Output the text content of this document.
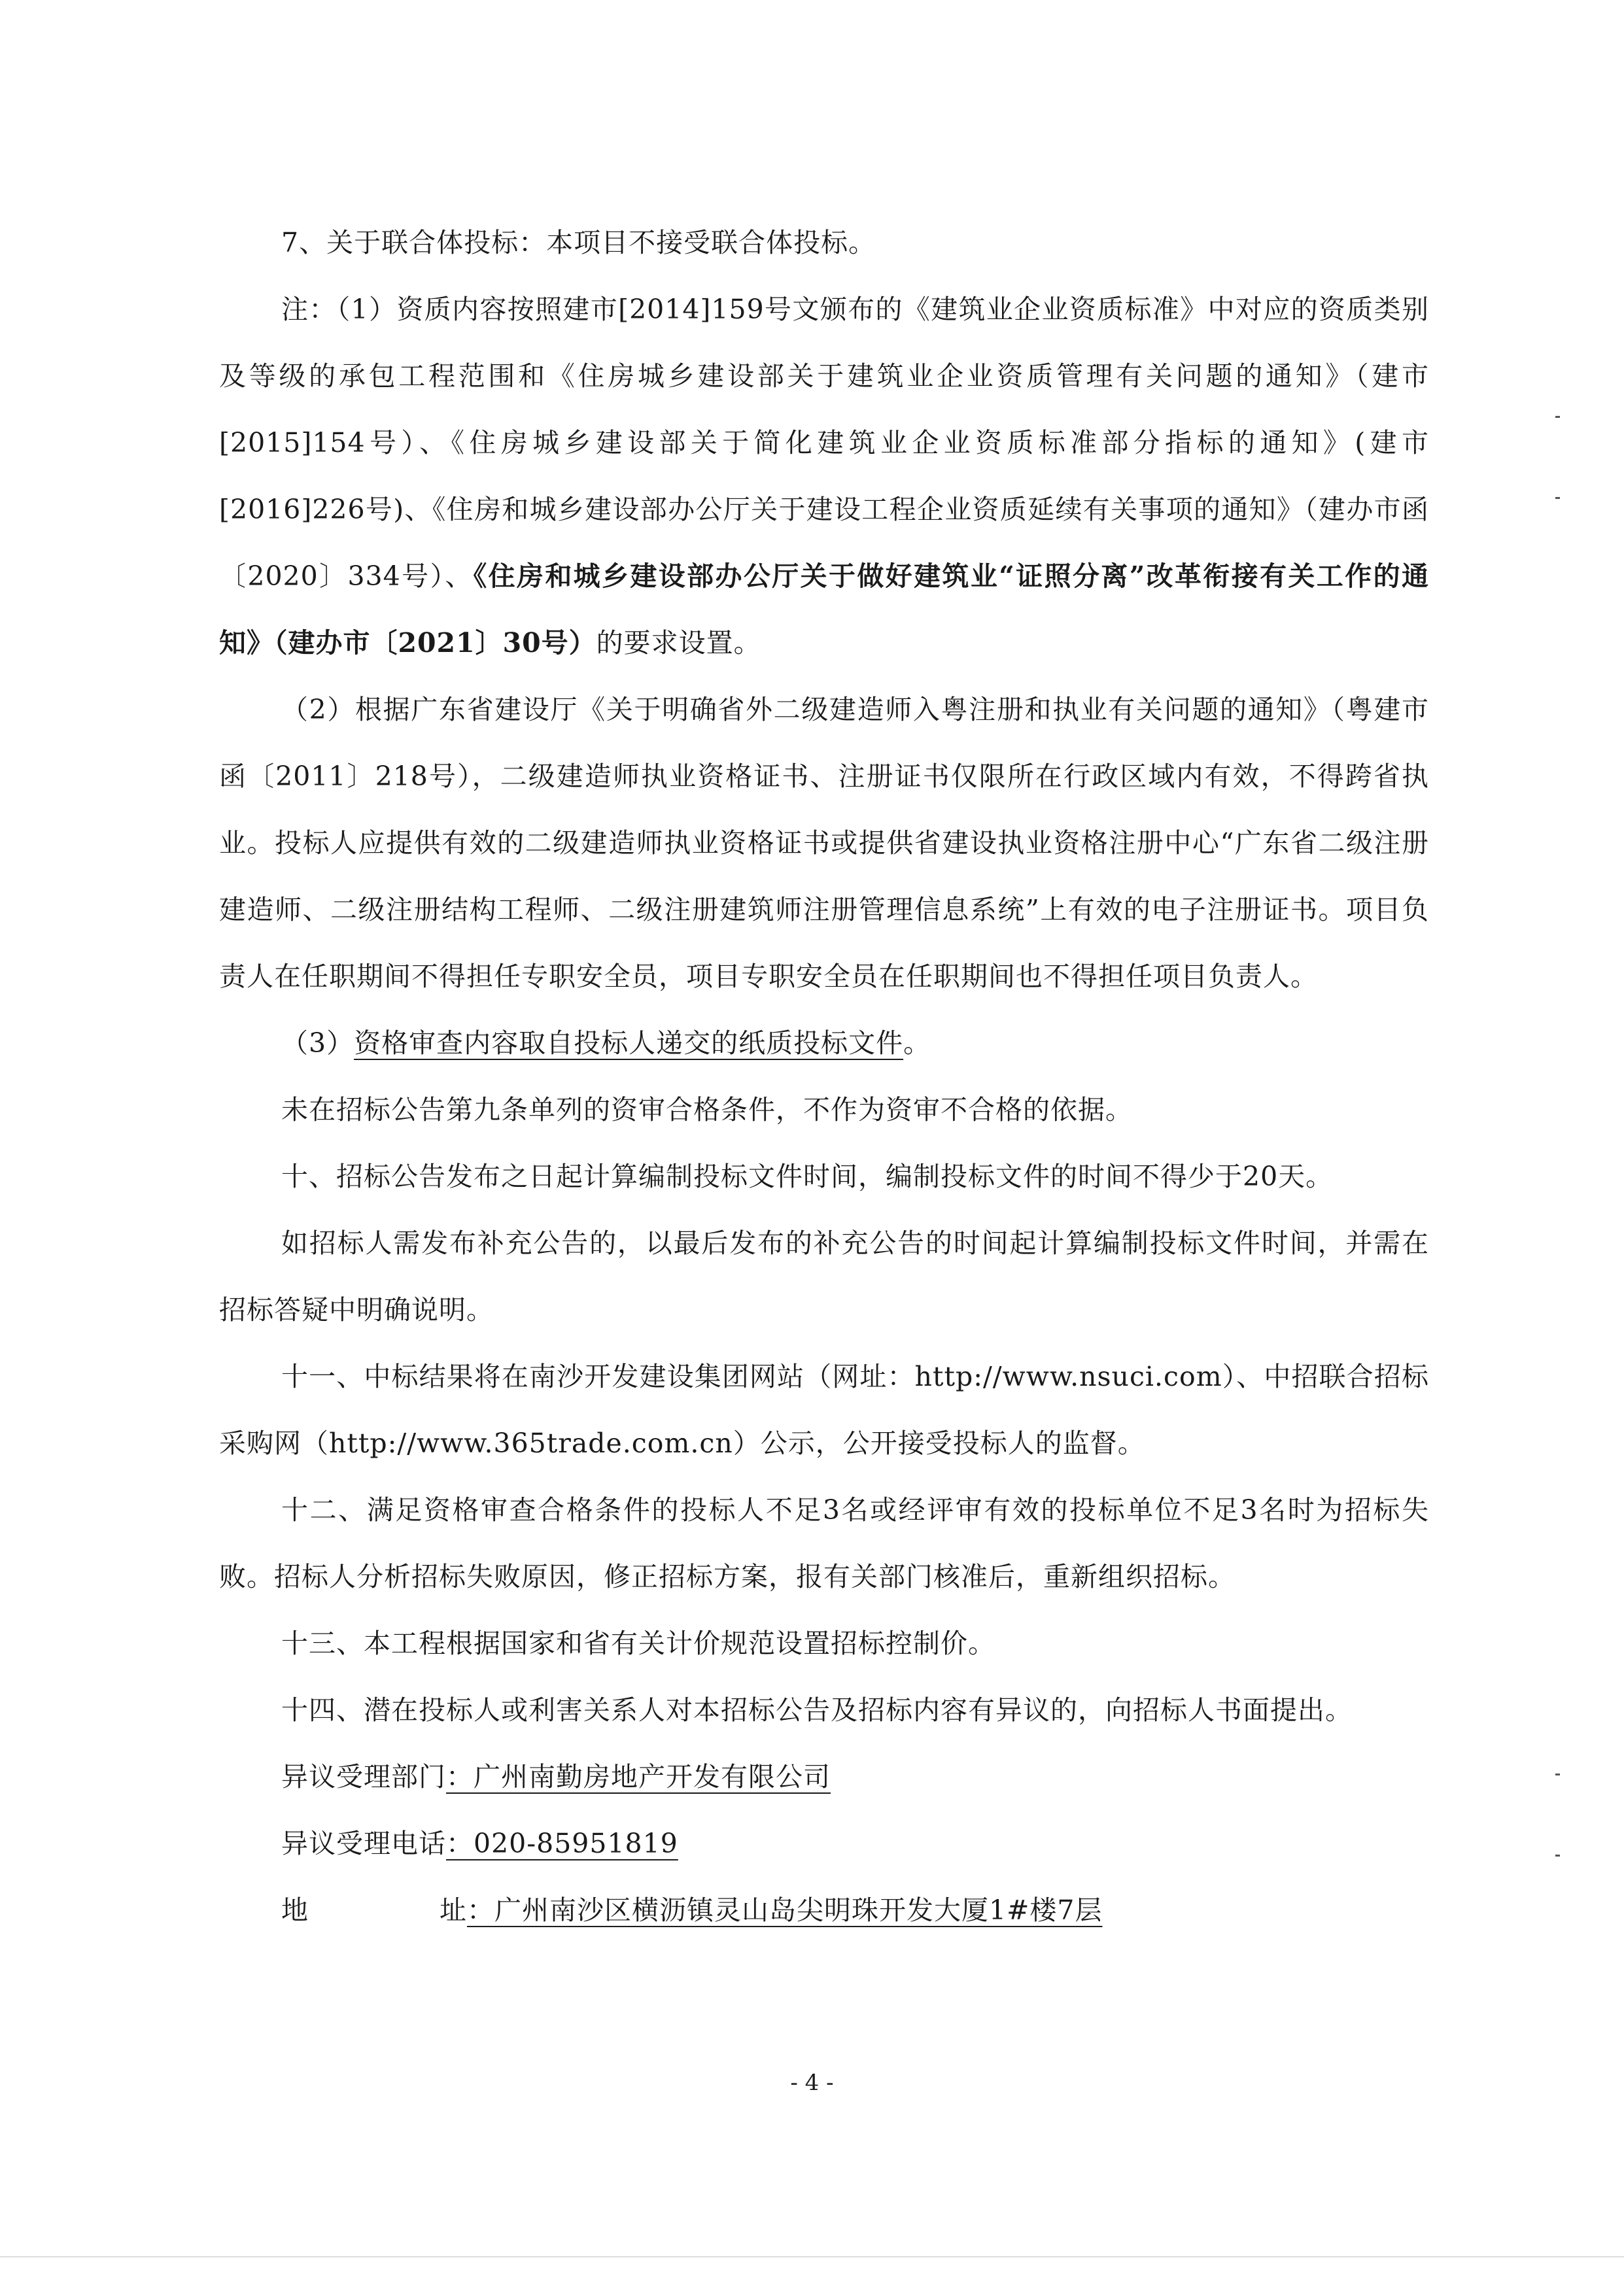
7、关于联合体投标：本项目不接受联合体投标。

注：（1）资质内容按照建市[2014]159号文颁布的《建筑业企业资质标准》中对应的资质类别及等级的承包工程范围和《住房城乡建设部关于建筑业企业资质管理有关问题的通知》（建市[2015]154号）、《住房城乡建设部关于简化建筑业企业资质标准部分指标的通知》(建市[2016]226号)、《住房和城乡建设部办公厅关于建设工程企业资质延续有关事项的通知》（建办市函〔2020〕334号）、《住房和城乡建设部办公厅关于做好建筑业“证照分离”改革衔接有关工作的通知》（建办市〔2021〕30号）的要求设置。

（2）根据广东省建设厅《关于明确省外二级建造师入粤注册和执业有关问题的通知》（粤建市函〔2011〕218号），二级建造师执业资格证书、注册证书仅限所在行政区域内有效，不得跨省执业。投标人应提供有效的二级建造师执业资格证书或提供省建设执业资格注册中心“广东省二级注册建造师、二级注册结构工程师、二级注册建筑师注册管理信息系统”上有效的电子注册证书。项目负责人在任职期间不得担任专职安全员，项目专职安全员在任职期间也不得担任项目负责人。

（3）资格审查内容取自投标人递交的纸质投标文件。

未在招标公告第九条单列的资审合格条件，不作为资审不合格的依据。

十、招标公告发布之日起计算编制投标文件时间，编制投标文件的时间不得少于20天。

如招标人需发布补充公告的，以最后发布的补充公告的时间起计算编制投标文件时间，并需在招标答疑中明确说明。

十一、中标结果将在南沙开发建设集团网站（网址：http://www.nsuci.com）、中招联合招标采购网（http://www.365trade.com.cn）公示，公开接受投标人的监督。

十二、满足资格审查合格条件的投标人不足3名或经评审有效的投标单位不足3名时为招标失败。招标人分析招标失败原因，修正招标方案，报有关部门核准后，重新组织招标。

十三、本工程根据国家和省有关计价规范设置招标控制价。

十四、潜在投标人或利害关系人对本招标公告及招标内容有异议的，向招标人书面提出。

异议受理部门：广州南勤房地产开发有限公司

异议受理电话：020-85951819

地	址：广州南沙区横沥镇灵山岛尖明珠开发大厦1#楼7层

- 4 -
